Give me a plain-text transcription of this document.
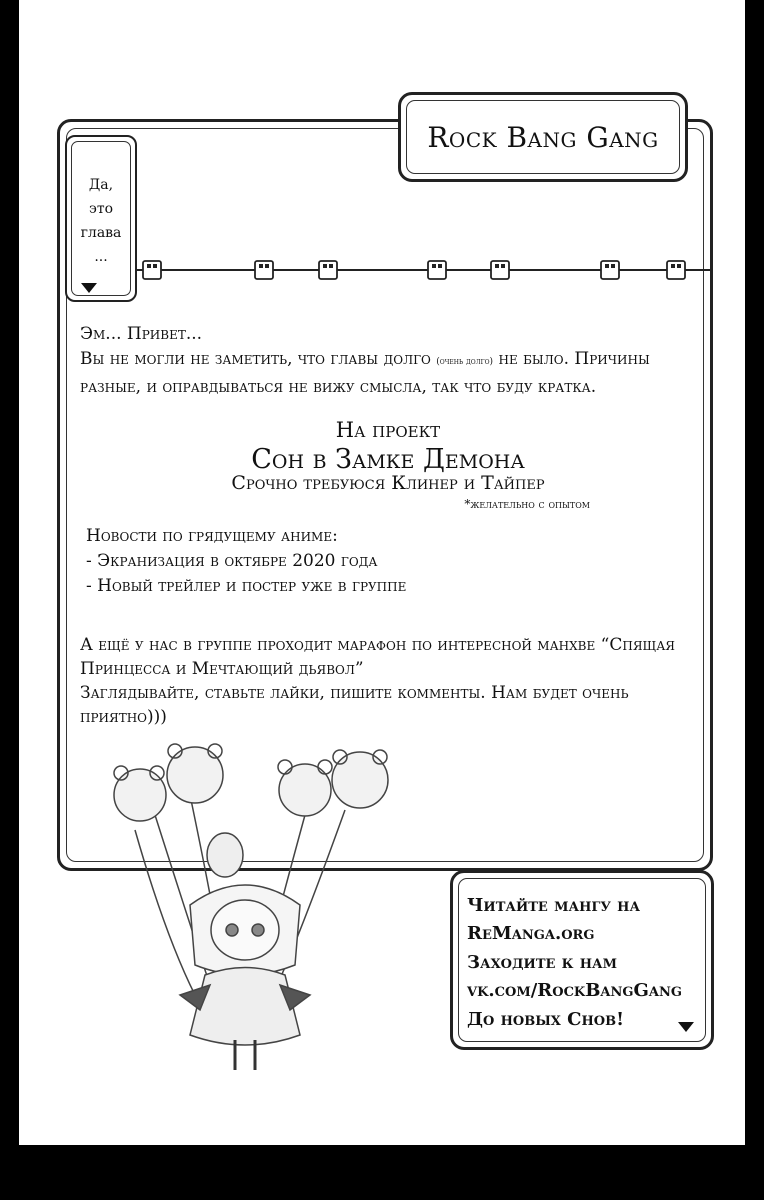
Rock Bang Gang
Да,
это
глава
...
Эм... Привет...
Вы не могли не заметить, что главы долго (очень долго) не было. Причины
разные, и оправдываться не вижу смысла, так что буду кратка.
На проект
Сон в Замке Демона
Срочно требуюся Клинер и Тайпер
*желательно с опытом
Новости по грядущему аниме:
- Экранизация в октябре 2020 года
- Новый трейлер и постер уже в группе
А ещё у нас в группе проходит марафон по интересной манхве “Спящая
Принцесса и Мечтающий дьявол”
Заглядывайте, ставьте лайки, пишите комменты. Нам будет очень
приятно)))
Читайте мангу на
ReManga.org
Заходите к нам
vk.com/RockBangGang
До новых Снов!
